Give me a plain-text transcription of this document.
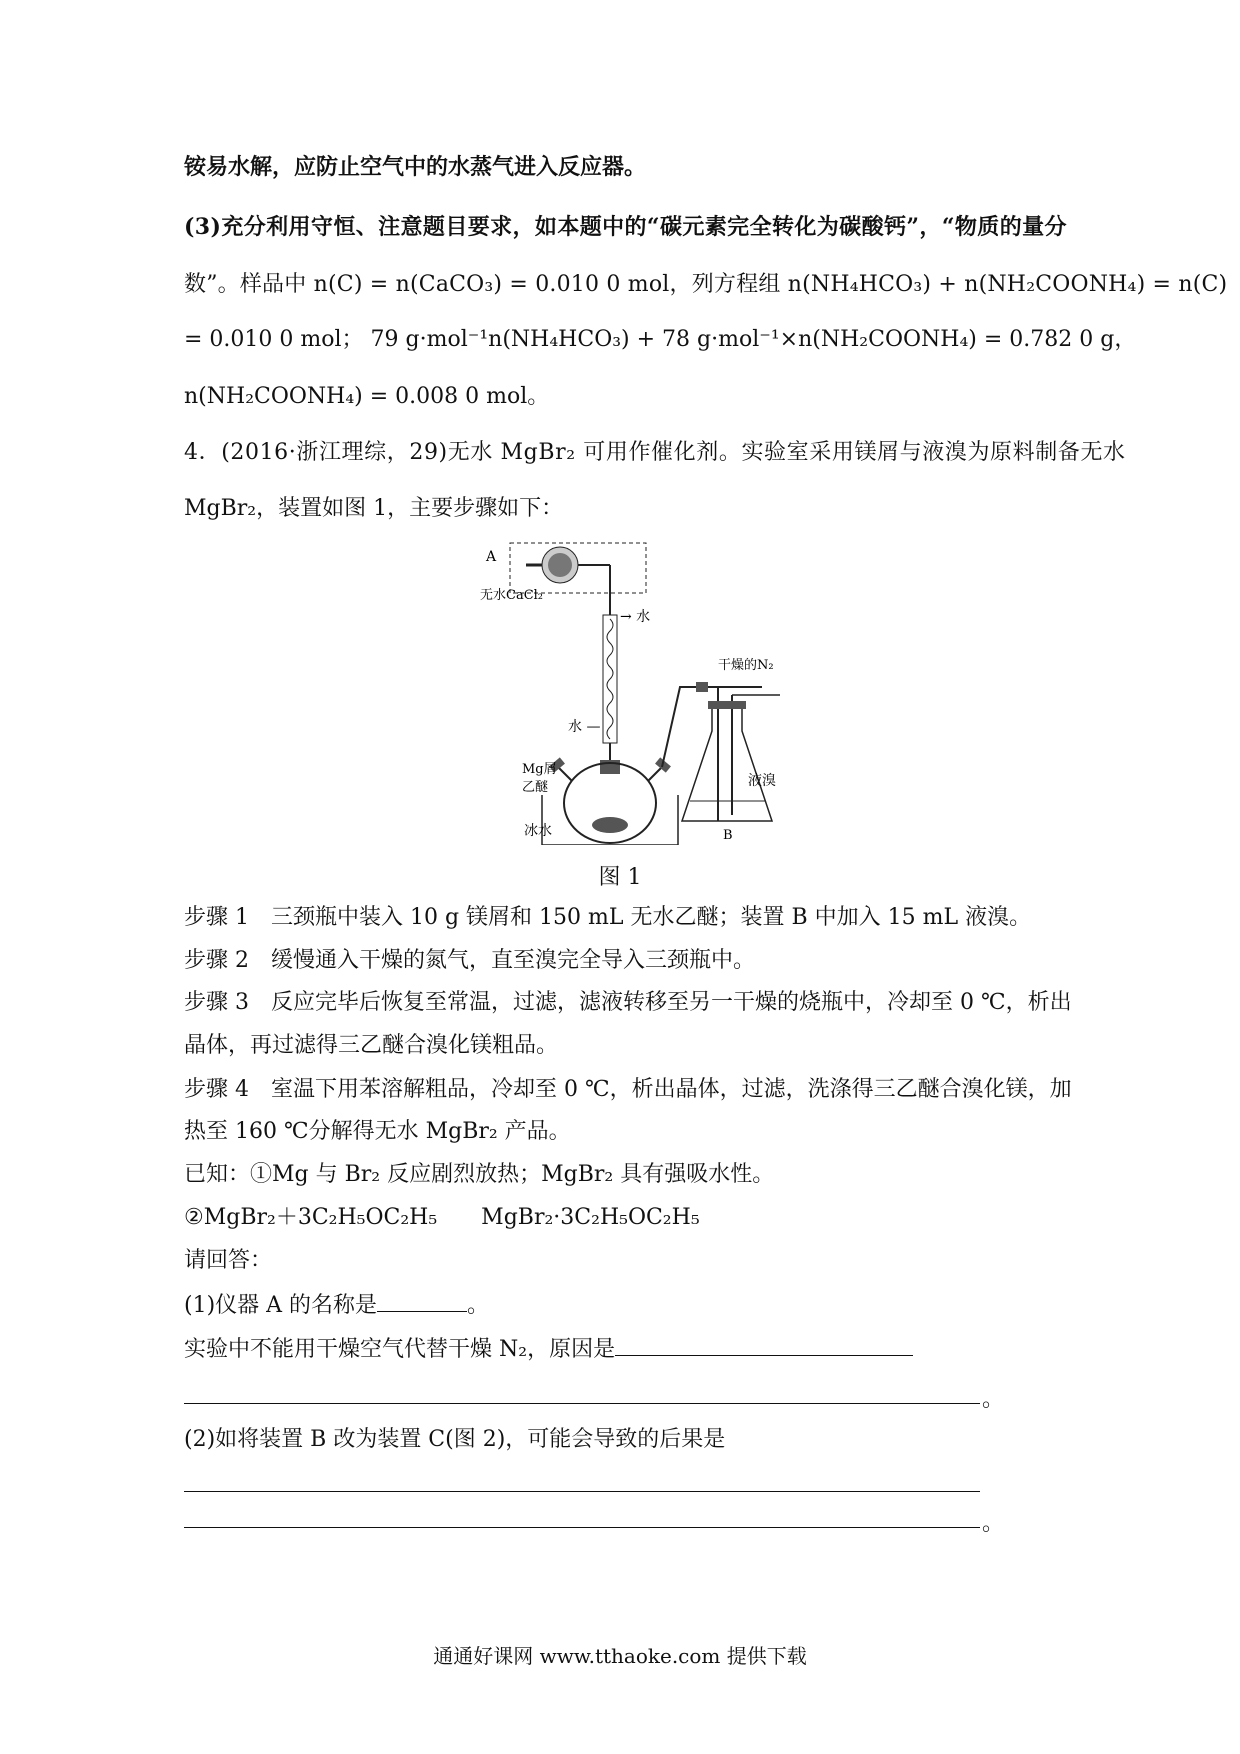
铵易水解，应防止空气中的水蒸气进入反应器。
(3)充分利用守恒、注意题目要求，如本题中的“碳元素完全转化为碳酸钙”，“物质的量分
数”。样品中 n(C) = n(CaCO₃) = 0.010 0 mol，列方程组 n(NH₄HCO₃) + n(NH₂COONH₄) = n(C)
= 0.010 0 mol； 79 g·mol⁻¹n(NH₄HCO₃) + 78 g·mol⁻¹×n(NH₂COONH₄) = 0.782 0 g，
n(NH₂COONH₄) = 0.008 0 mol。
4．(2016·浙江理综，29)无水 MgBr₂ 可用作催化剂。实验室采用镁屑与液溴为原料制备无水
MgBr₂，装置如图 1，主要步骤如下：
A
无水CaCl₂
→ 水
水 —
Mg屑
乙醚
冰水
干燥的N₂
液溴
B
图 1
步骤 1　三颈瓶中装入 10 g 镁屑和 150 mL 无水乙醚；装置 B 中加入 15 mL 液溴。
步骤 2　缓慢通入干燥的氮气，直至溴完全导入三颈瓶中。
步骤 3　反应完毕后恢复至常温，过滤，滤液转移至另一干燥的烧瓶中，冷却至 0 ℃，析出
晶体，再过滤得三乙醚合溴化镁粗品。
步骤 4　室温下用苯溶解粗品，冷却至 0 ℃，析出晶体，过滤，洗涤得三乙醚合溴化镁，加
热至 160 ℃分解得无水 MgBr₂ 产品。
已知：①Mg 与 Br₂ 反应剧烈放热；MgBr₂ 具有强吸水性。
②MgBr₂＋3C₂H₅OC₂H₅　　MgBr₂·3C₂H₅OC₂H₅
请回答：
(1)仪器 A 的名称是	。
实验中不能用干燥空气代替干燥 N₂，原因是
。
(2)如将装置 B 改为装置 C(图 2)，可能会导致的后果是
。
通通好课网 www.tthaoke.com 提供下载
